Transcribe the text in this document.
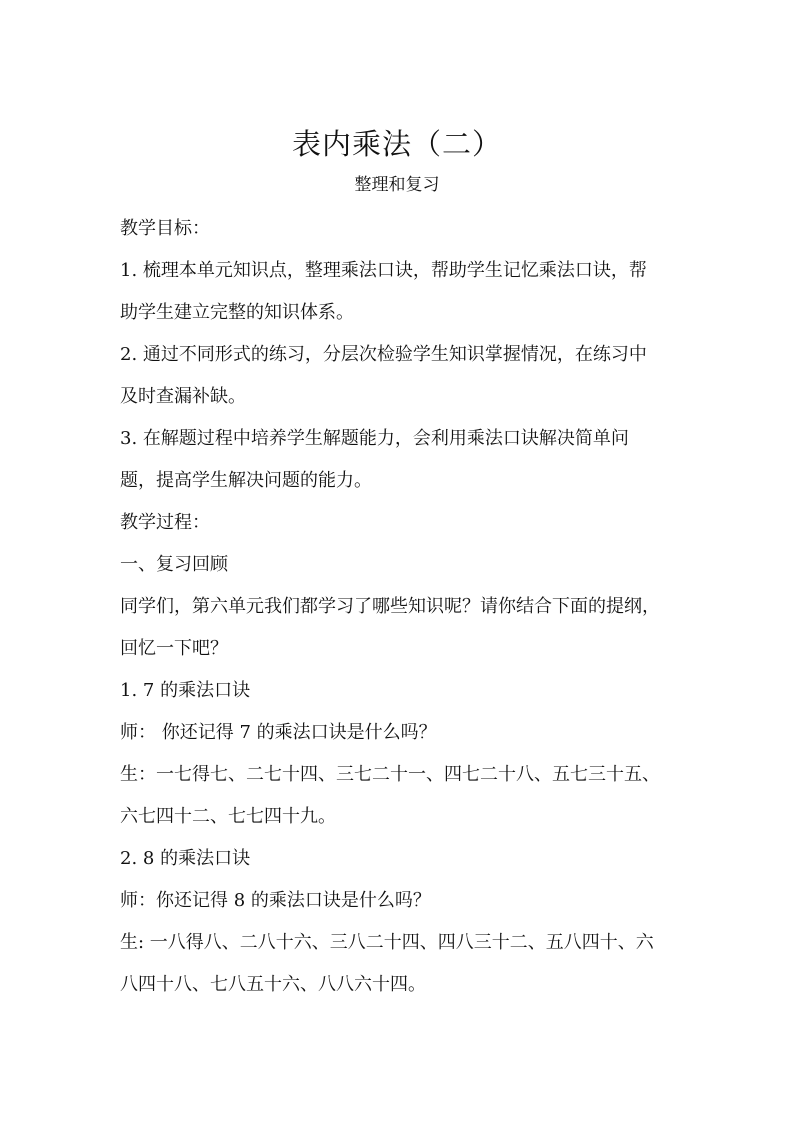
表内乘法（二）
整理和复习
教学目标：
1. 梳理本单元知识点，整理乘法口诀，帮助学生记忆乘法口诀，帮
助学生建立完整的知识体系。
2. 通过不同形式的练习，分层次检验学生知识掌握情况，在练习中
及时查漏补缺。
3. 在解题过程中培养学生解题能力，会利用乘法口诀解决简单问
题，提高学生解决问题的能力。
教学过程：
一、复习回顾
同学们，第六单元我们都学习了哪些知识呢？请你结合下面的提纲，
回忆一下吧？
1. 7 的乘法口诀
师： 你还记得 7 的乘法口诀是什么吗？
生：一七得七、二七十四、三七二十一、四七二十八、五七三十五、
六七四十二、七七四十九。
2. 8 的乘法口诀
师：你还记得 8 的乘法口诀是什么吗？
生: 一八得八、二八十六、三八二十四、四八三十二、五八四十、六
八四十八、七八五十六、八八六十四。
